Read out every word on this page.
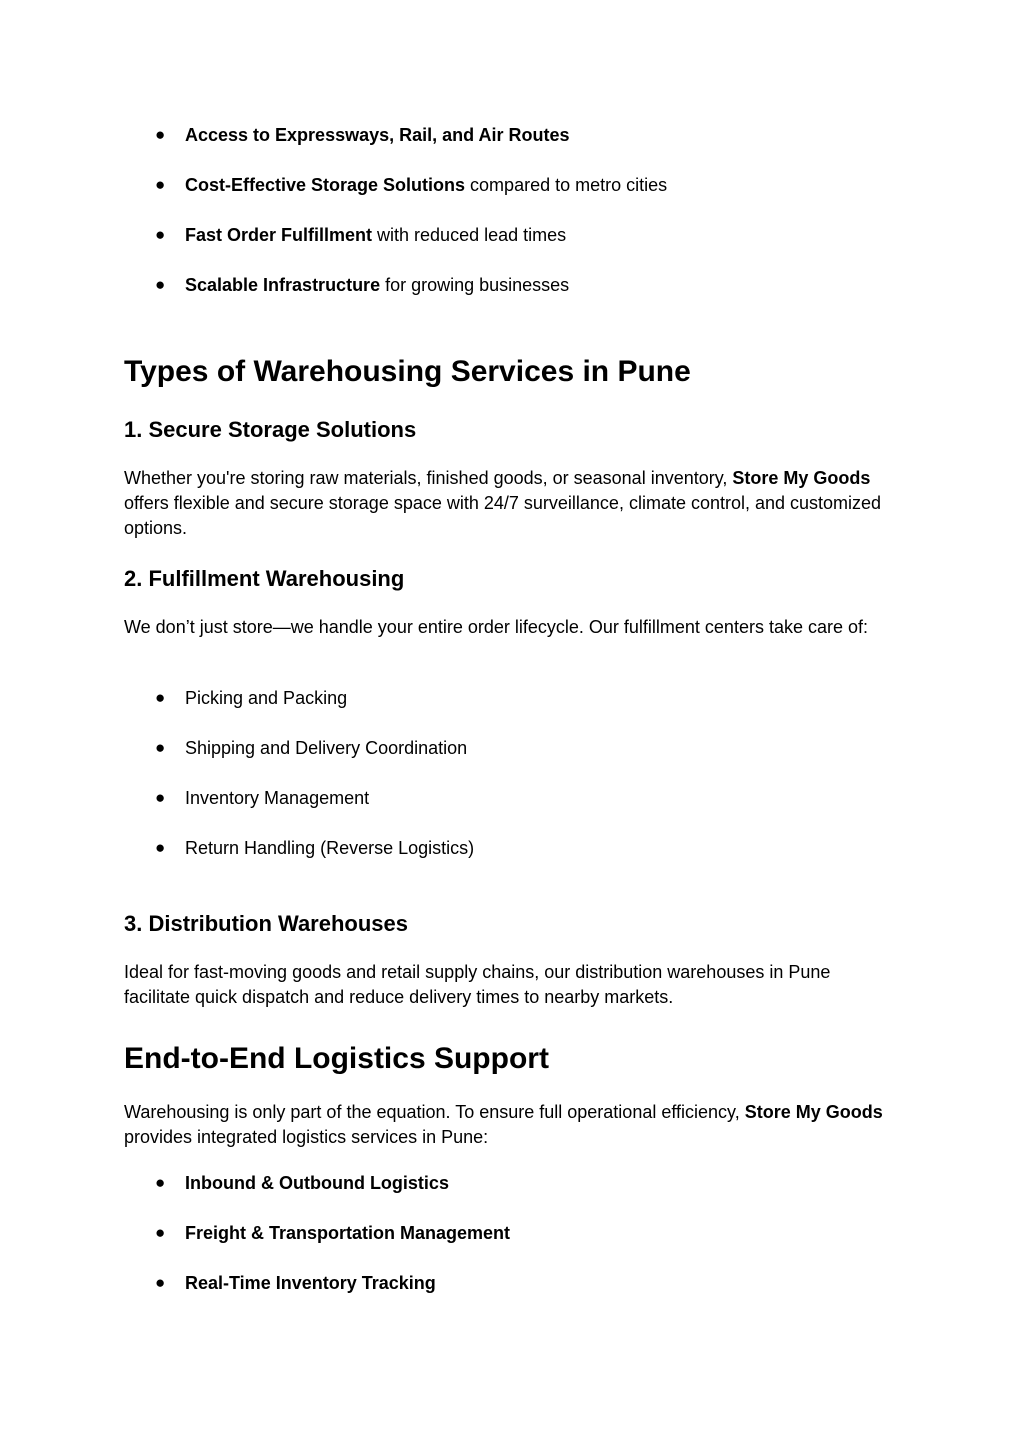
● Access to Expressways, Rail, and Air Routes
● Cost-Effective Storage Solutions compared to metro cities
● Fast Order Fulfillment with reduced lead times
● Scalable Infrastructure for growing businesses
Types of Warehousing Services in Pune
1. Secure Storage Solutions

Whether you're storing raw materials, finished goods, or seasonal inventory, Store My Goods offers flexible and secure storage space with 24/7 surveillance, climate control, and customized options.

2. Fulfillment Warehousing

We don’t just store—we handle your entire order lifecycle. Our fulfillment centers take care of:

● Picking and Packing
● Shipping and Delivery Coordination
● Inventory Management
● Return Handling (Reverse Logistics)
3. Distribution Warehouses

Ideal for fast-moving goods and retail supply chains, our distribution warehouses in Pune facilitate quick dispatch and reduce delivery times to nearby markets.

End-to-End Logistics Support

Warehousing is only part of the equation. To ensure full operational efficiency, Store My Goods provides integrated logistics services in Pune:

● Inbound & Outbound Logistics
● Freight & Transportation Management
● Real-Time Inventory Tracking
